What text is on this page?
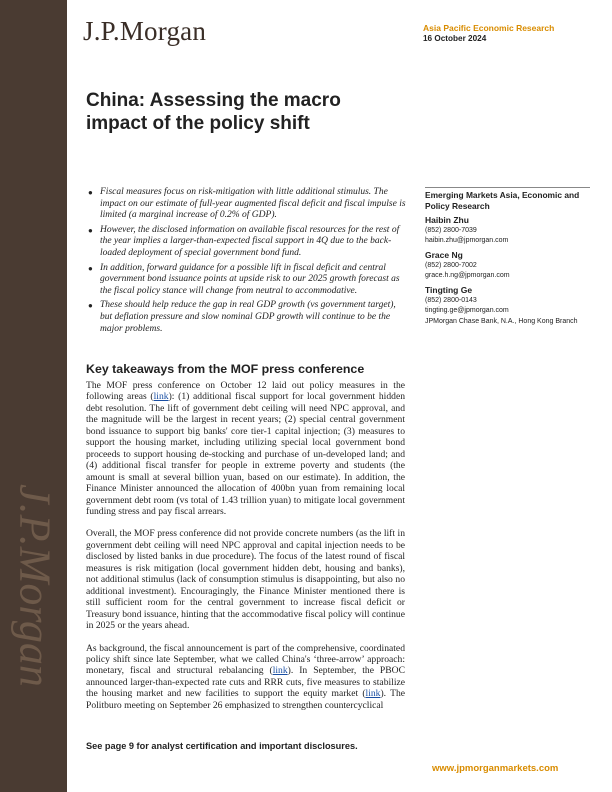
J.P.Morgan
J.P.Morgan	Asia Pacific Economic Research
16 October 2024
China: Assessing the macro
impact of the policy shift
● Fiscal measures focus on risk-mitigation with little additional stimulus. The impact on our estimate of full-year augmented fiscal deficit and fiscal impulse is limited (a marginal increase of 0.2% of GDP).
● However, the disclosed information on available fiscal resources for the rest of the year implies a larger-than-expected fiscal support in 4Q due to the back-loaded deployment of special government bond fund.
● In addition, forward guidance for a possible lift in fiscal deficit and central government bond issuance points at upside risk to our 2025 growth forecast as the fiscal policy stance will change from neutral to accommodative.
● These should help reduce the gap in real GDP growth (vs government target), but deflation pressure and slow nominal GDP growth will continue to be the major problems.
Emerging Markets Asia, Economic and Policy Research
Haibin Zhu
(852) 2800-7039
haibin.zhu@jpmorgan.com
Grace Ng
(852) 2800-7002
grace.h.ng@jpmorgan.com
Tingting Ge
(852) 2800-0143
tingting.ge@jpmorgan.com
JPMorgan Chase Bank, N.A., Hong Kong Branch
Key takeaways from the MOF press conference

The MOF press conference on October 12 laid out policy measures in the following areas (link): (1) additional fiscal support for local government hidden debt resolution. The lift of government debt ceiling will need NPC approval, and the magnitude will be the largest in recent years; (2) special central government bond issuance to support big banks' core tier-1 capital injection; (3) measures to support the housing market, including utilizing special local government bond proceeds to support housing de-stocking and purchase of un-developed land; and (4) additional fiscal transfer for people in extreme poverty and students (the amount is small at several billion yuan, based on our estimate). In addition, the Finance Minister announced the allocation of 400bn yuan from remaining local government debt room (vs total of 1.43 trillion yuan) to mitigate local government funding stress and pay fiscal arrears.

Overall, the MOF press conference did not provide concrete numbers (as the lift in government debt ceiling will need NPC approval and capital injection needs to be disclosed by listed banks in due procedure). The focus of the latest round of fiscal measures is risk mitigation (local government hidden debt, housing and banks), not additional stimulus (lack of consumption stimulus is disappointing, but also no additional investment). Encouragingly, the Finance Minister mentioned there is still sufficient room for the central government to increase fiscal deficit or Treasury bond issuance, hinting that the accommodative fiscal policy will continue in 2025 or the years ahead.

As background, the fiscal announcement is part of the comprehensive, coordinated policy shift since late September, what we called China's ‘three-arrow’ approach: monetary, fiscal and structural rebalancing (link). In September, the PBOC announced larger-than-expected rate cuts and RRR cuts, five measures to stabilize the housing market and new facilities to support the equity market (link). The Politburo meeting on September 26 emphasized to strengthen countercyclical

See page 9 for analyst certification and important disclosures.
www.jpmorganmarkets.com
